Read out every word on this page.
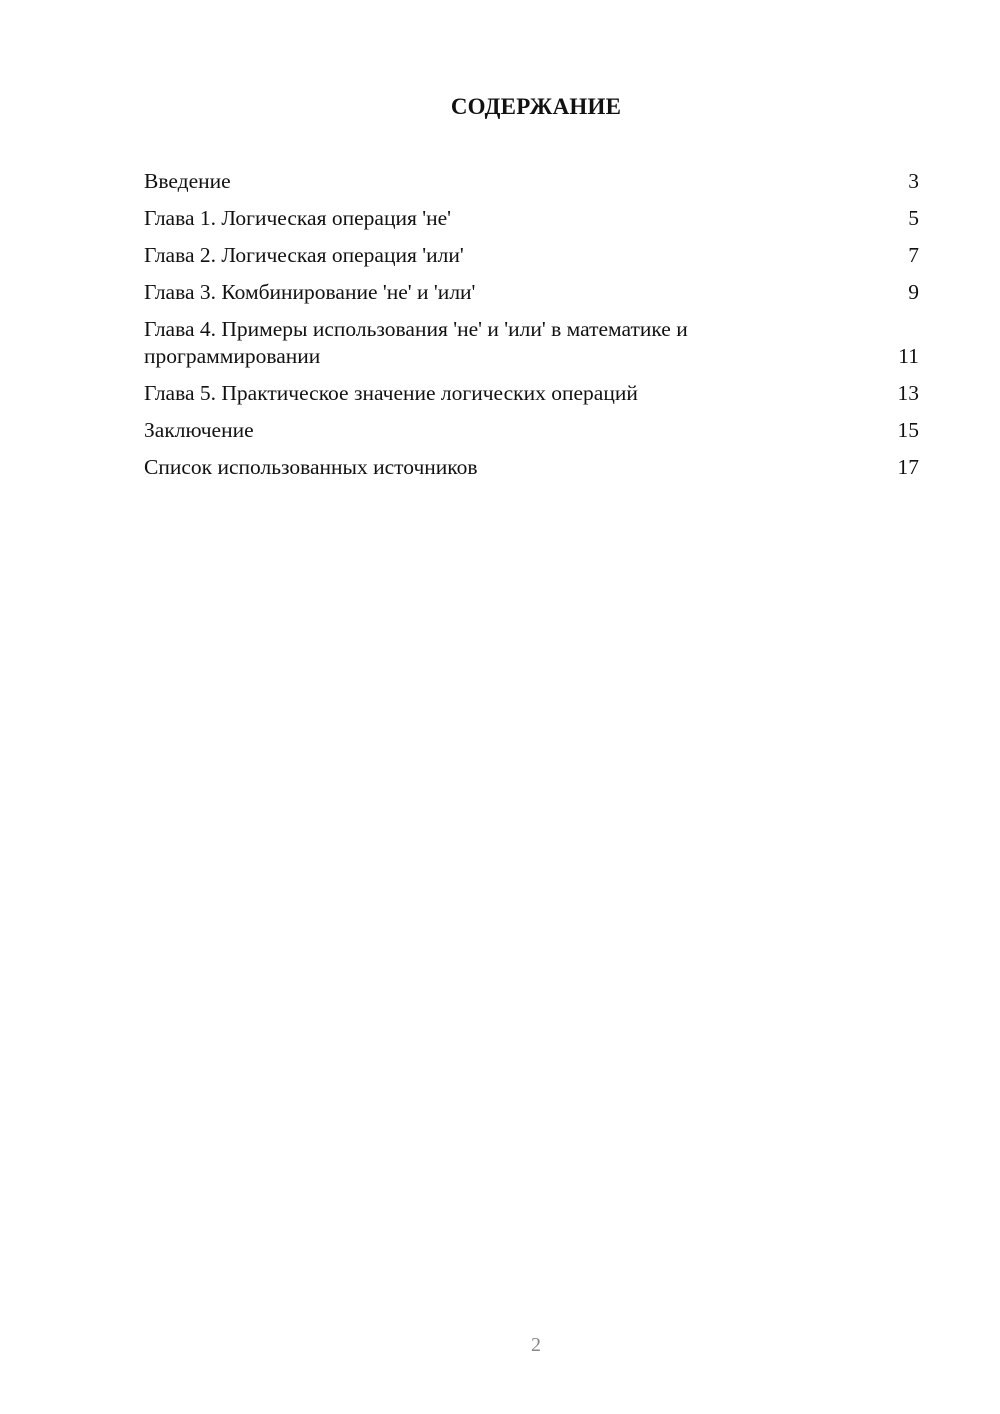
СОДЕРЖАНИЕ
Введение	3
Глава 1. Логическая операция 'не'	5
Глава 2. Логическая операция 'или'	7
Глава 3. Комбинирование 'не' и 'или'	9
Глава 4. Примеры использования 'не' и 'или' в математике и программировании	11
Глава 5. Практическое значение логических операций	13
Заключение	15
Список использованных источников	17
2
